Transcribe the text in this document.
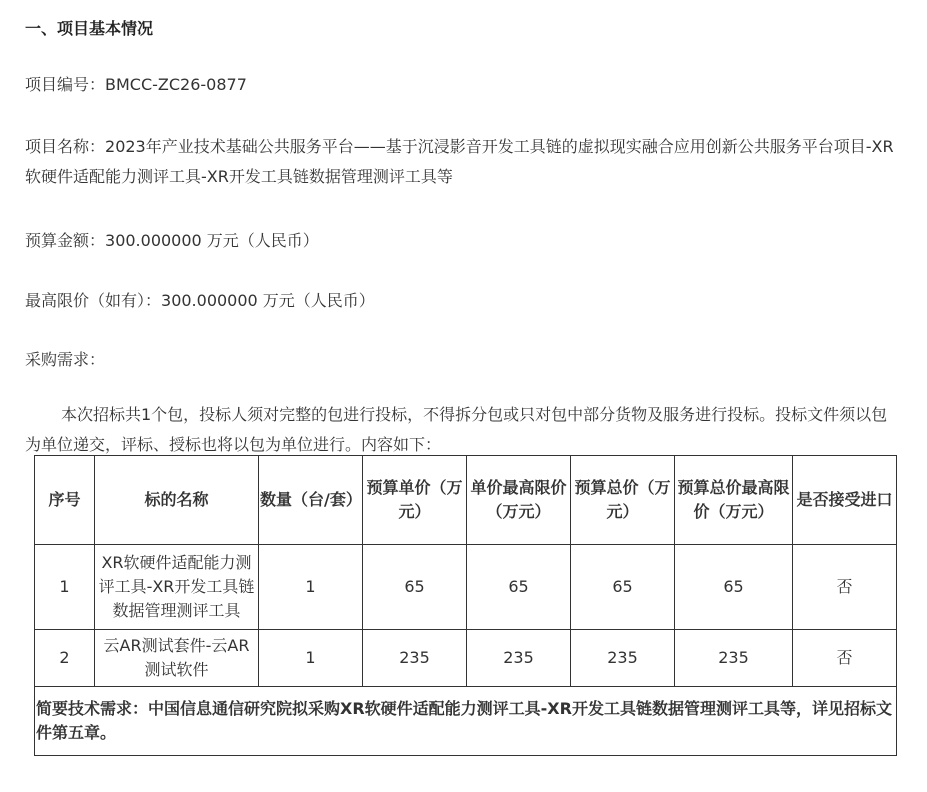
一、项目基本情况

项目编号：BMCC-ZC26-0877

项目名称：2023年产业技术基础公共服务平台——基于沉浸影音开发工具链的虚拟现实融合应用创新公共服务平台项目-XR软硬件适配能力测评工具-XR开发工具链数据管理测评工具等

预算金额：300.000000 万元（人民币）

最高限价（如有）：300.000000 万元（人民币）

采购需求：

本次招标共1个包，投标人须对完整的包进行投标，不得拆分包或只对包中部分货物及服务进行投标。投标文件须以包为单位递交，评标、授标也将以包为单位进行。内容如下：

序号	标的名称	数量（台/套）	预算单价（万元）	单价最高限价（万元）	预算总价（万元）	预算总价最高限价（万元）	是否接受进口
1	XR软硬件适配能力测评工具-XR开发工具链数据管理测评工具	1	65	65	65	65	否
2	云AR测试套件-云AR测试软件	1	235	235	235	235	否
简要技术需求：中国信息通信研究院拟采购XR软硬件适配能力测评工具-XR开发工具链数据管理测评工具等，详见招标文件第五章。							
